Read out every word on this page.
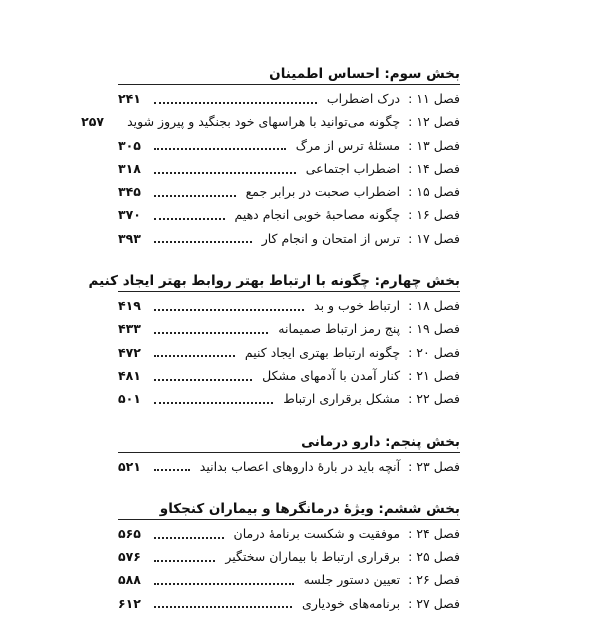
بخش سوم: احساس اطمینان
فصل ۱۱ :
درک اضطراب
۲۴۱
فصل ۱۲ :
چگونه می‌توانید با هراسهای خود بجنگید و پیروز شوید
۲۵۷
فصل ۱۳ :
مسئلهٔ ترس از مرگ
۳۰۵
فصل ۱۴ :
اضطراب اجتماعی
۳۱۸
فصل ۱۵ :
اضطراب صحبت در برابر جمع
۳۴۵
فصل ۱۶ :
چگونه مصاحبهٔ خوبی انجام دهیم
۳۷۰
فصل ۱۷ :
ترس از امتحان و انجام کار
۳۹۳
بخش چهارم: چگونه با ارتباط بهتر روابط بهتر ایجاد کنیم
فصل ۱۸ :
ارتباط خوب و بد
۴۱۹
فصل ۱۹ :
پنج رمز ارتباط صمیمانه
۴۳۳
فصل ۲۰ :
چگونه ارتباط بهتری ایجاد کنیم
۴۷۲
فصل ۲۱ :
کنار آمدن با آدمهای مشکل
۴۸۱
فصل ۲۲ :
مشکل برقراری ارتباط
۵۰۱
بخش پنجم: دارو درمانی
فصل ۲۳ :
آنچه باید در بارهٔ داروهای اعصاب بدانید
۵۲۱
بخش ششم: ویژهٔ درمانگرها و بیماران کنجکاو
فصل ۲۴ :
موفقیت و شکست برنامهٔ درمان
۵۶۵
فصل ۲۵ :
برقراری ارتباط با بیماران سختگیر
۵۷۶
فصل ۲۶ :
تعیین دستور جلسه
۵۸۸
فصل ۲۷ :
برنامه‌های خودیاری
۶۱۲
